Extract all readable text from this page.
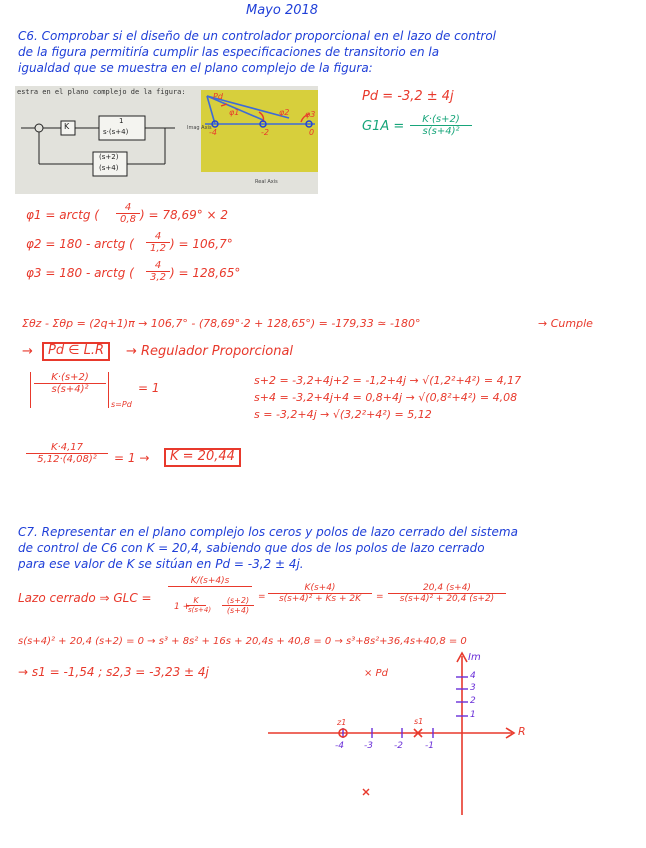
Mayo 2018
C6. Comprobar si el diseño de un controlador proporcional en el lazo de control
de la figura permitiría cumplir las especificaciones de transitorio en la
igualdad que se muestra en el plano complejo de la figura:
estra en el plano complejo de la figura:
K
1
s·(s+4)
(s+2)
(s+4)
Pd
φ1	φ2 φ3
-4	-2	0
Real Axis
Imag Axis
Pd = -3,2 ± 4j
$G1A = \frac{K\cdot(s+2)}{\text{s(s+4)²}}$
φ1 = arctg ( $\frac{4}{0,8}$ ) = 78,69° × 2
φ2 = 180 - arctg ( $\frac{4}{1,2}$ ) = 106,7°
φ3 = 180 - arctg ( $\frac{4}{3,2}$ ) = 128,65°
Σθz - Σθp = (2q+1)π → 106,7° - (78,69°·2 + 128,65°) = -179,33 ≃ -180°	→ Cumple
→	Pd ∈ L.R	→ Regulador Proporcional
$\frac{K\cdot(s+2)}{\text{s(s+4)²}}$
s=Pd
= 1
s+2 = -3,2+4j+2 = -1,2+4j → √(1,2²+4²) = 4,17
s+4 = -3,2+4j+4 = 0,8+4j → √(0,8²+4²) = 4,08
s = -3,2+4j → √(3,2²+4²) = 5,12
$\frac{K\cdot 4,17}{\text{5,12·(4,08)²}} = 1$ →	K = 20,44
C7. Representar en el plano complejo los ceros y polos de lazo cerrado del sistema
de control de C6 con K = 20,4, sabiendo que dos de los polos de lazo cerrado
para ese valor de K se sitúan en Pd = -3,2 ± 4j.
Lazo cerrado ⇒ GLC =
K/(s+4)s
1 +
$\frac{K}{s(s+4)} \frac{(s+2)}{(s+4)} = \frac{K(s+4)}{\text{s(s+4)² + Ks + 2K}} = \frac{20,4 (s+4)}{\text{s(s+4)² + 20,4 (s+2)}}$
s(s+4)² + 20,4 (s+2) = 0 → s³ + 8s² + 16s + 20,4s + 40,8 = 0 → s³+8s²+36,4s+40,8 = 0
→ s1 = -1,54 ; s2,3 = -3,23 ± 4j
Im
R
× Pd	4
3
2
1
-4 -3 -2 -1
z1	s1
